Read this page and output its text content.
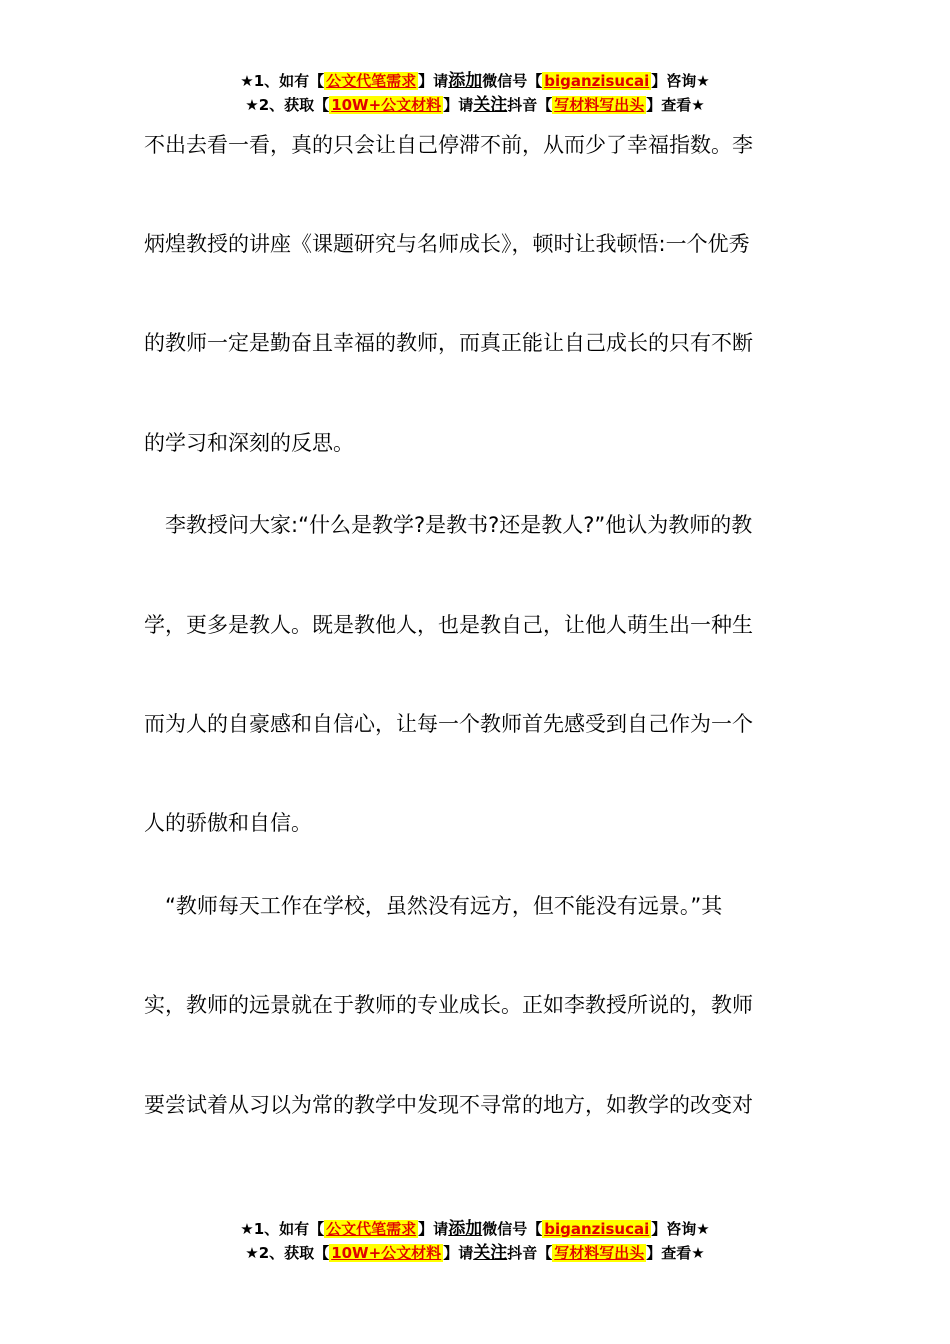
★1、如有【 公文代笔需求 】请添加微信号【 biganzisucai 】咨询★
★2、获取【 10W+公文材料 】请关注抖音【 写材料写出头 】查看★
不出去看一看，真的只会让自己停滞不前，从而少了幸福指数。李
炳煌教授的讲座《课题研究与名师成长》，顿时让我顿悟:一个优秀
的教师一定是勤奋且幸福的教师，而真正能让自己成长的只有不断
的学习和深刻的反思。
　李教授问大家:“什么是教学?是教书?还是教人?”他认为教师的教
学，更多是教人。既是教他人，也是教自己，让他人萌生出一种生
而为人的自豪感和自信心，让每一个教师首先感受到自己作为一个
人的骄傲和自信。
　“教师每天工作在学校，虽然没有远方，但不能没有远景。”其
实，教师的远景就在于教师的专业成长。正如李教授所说的，教师
要尝试着从习以为常的教学中发现不寻常的地方，如教学的改变对
★1、如有【 公文代笔需求 】请添加微信号【 biganzisucai 】咨询★
★2、获取【 10W+公文材料 】请关注抖音【 写材料写出头 】查看★
